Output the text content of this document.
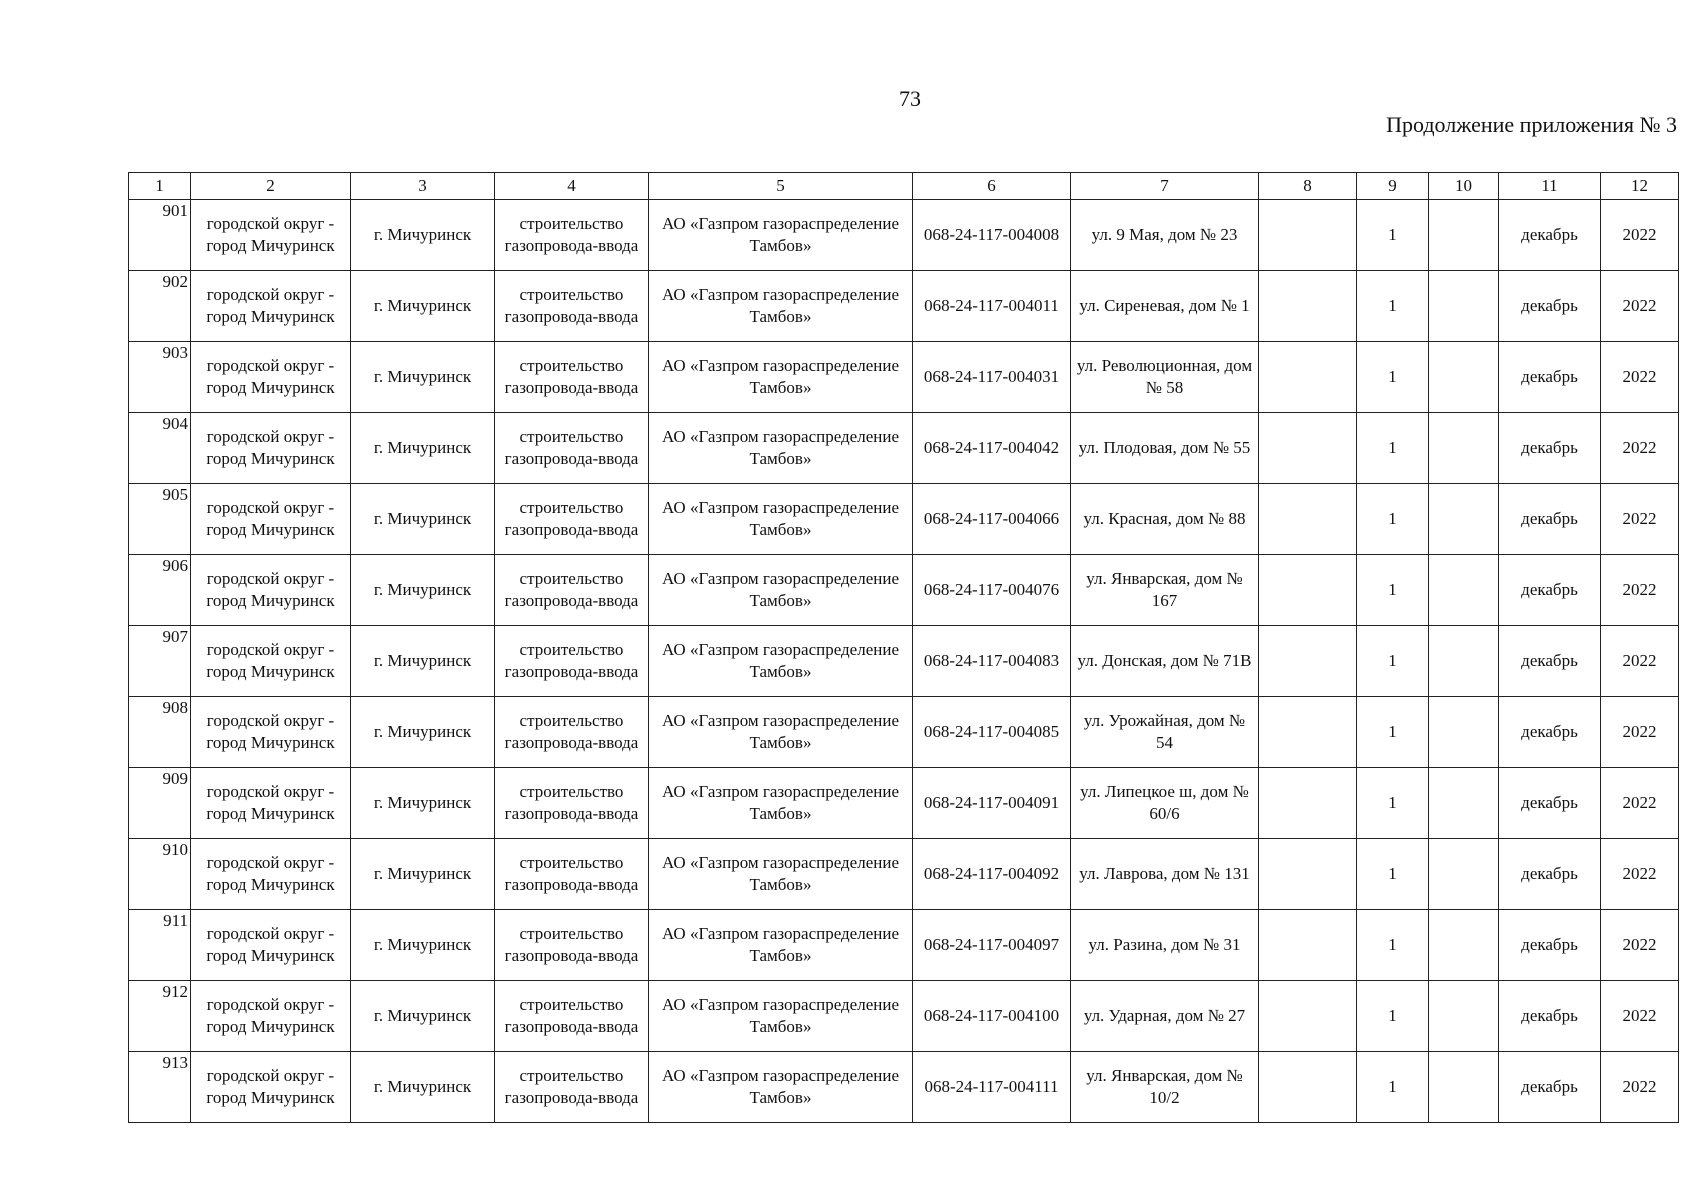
73
Продолжение приложения № 3
1	2	3	4	5	6	7	8	9	10	11	12
901	городской округ - город Мичуринск	г. Мичуринск	строительство газопровода-ввода	АО «Газпром газораспределение Тамбов»	068-24-117-004008	ул. 9 Мая, дом № 23		1		декабрь	2022
902	городской округ - город Мичуринск	г. Мичуринск	строительство газопровода-ввода	АО «Газпром газораспределение Тамбов»	068-24-117-004011	ул. Сиреневая, дом № 1		1		декабрь	2022
903	городской округ - город Мичуринск	г. Мичуринск	строительство газопровода-ввода	АО «Газпром газораспределение Тамбов»	068-24-117-004031	ул. Революционная, дом № 58		1		декабрь	2022
904	городской округ - город Мичуринск	г. Мичуринск	строительство газопровода-ввода	АО «Газпром газораспределение Тамбов»	068-24-117-004042	ул. Плодовая, дом № 55		1		декабрь	2022
905	городской округ - город Мичуринск	г. Мичуринск	строительство газопровода-ввода	АО «Газпром газораспределение Тамбов»	068-24-117-004066	ул. Красная, дом № 88		1		декабрь	2022
906	городской округ - город Мичуринск	г. Мичуринск	строительство газопровода-ввода	АО «Газпром газораспределение Тамбов»	068-24-117-004076	ул. Январская, дом № 167		1		декабрь	2022
907	городской округ - город Мичуринск	г. Мичуринск	строительство газопровода-ввода	АО «Газпром газораспределение Тамбов»	068-24-117-004083	ул. Донская, дом № 71В		1		декабрь	2022
908	городской округ - город Мичуринск	г. Мичуринск	строительство газопровода-ввода	АО «Газпром газораспределение Тамбов»	068-24-117-004085	ул. Урожайная, дом № 54		1		декабрь	2022
909	городской округ - город Мичуринск	г. Мичуринск	строительство газопровода-ввода	АО «Газпром газораспределение Тамбов»	068-24-117-004091	ул. Липецкое ш, дом № 60/6		1		декабрь	2022
910	городской округ - город Мичуринск	г. Мичуринск	строительство газопровода-ввода	АО «Газпром газораспределение Тамбов»	068-24-117-004092	ул. Лаврова, дом № 131		1		декабрь	2022
911	городской округ - город Мичуринск	г. Мичуринск	строительство газопровода-ввода	АО «Газпром газораспределение Тамбов»	068-24-117-004097	ул. Разина, дом № 31		1		декабрь	2022
912	городской округ - город Мичуринск	г. Мичуринск	строительство газопровода-ввода	АО «Газпром газораспределение Тамбов»	068-24-117-004100	ул. Ударная, дом № 27		1		декабрь	2022
913	городской округ - город Мичуринск	г. Мичуринск	строительство газопровода-ввода	АО «Газпром газораспределение Тамбов»	068-24-117-004111	ул. Январская, дом № 10/2		1		декабрь	2022
